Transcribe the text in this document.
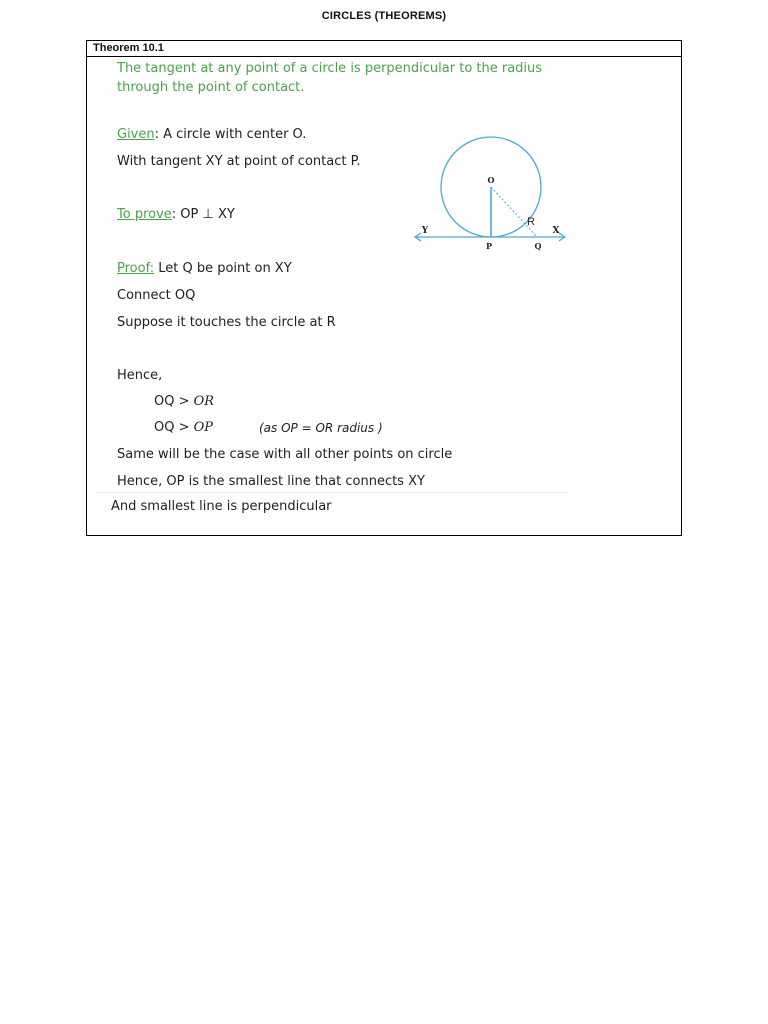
CIRCLES (THEOREMS)
Theorem 10.1
The tangent at any point of a circle is perpendicular to the radius
through the point of contact.
Given: A circle with center O.
With tangent XY at point of contact P.
To prove: OP ⊥ XY
Proof: Let Q be point on XY
Connect OQ
Suppose it touches the circle at R
Hence,
OQ > OR
OQ > OP	(as OP = OR radius )
Same will be the case with all other points on circle
Hence, OP is the smallest line that connects XY
And smallest line is perpendicular
O
R
X
Y
P	Q
